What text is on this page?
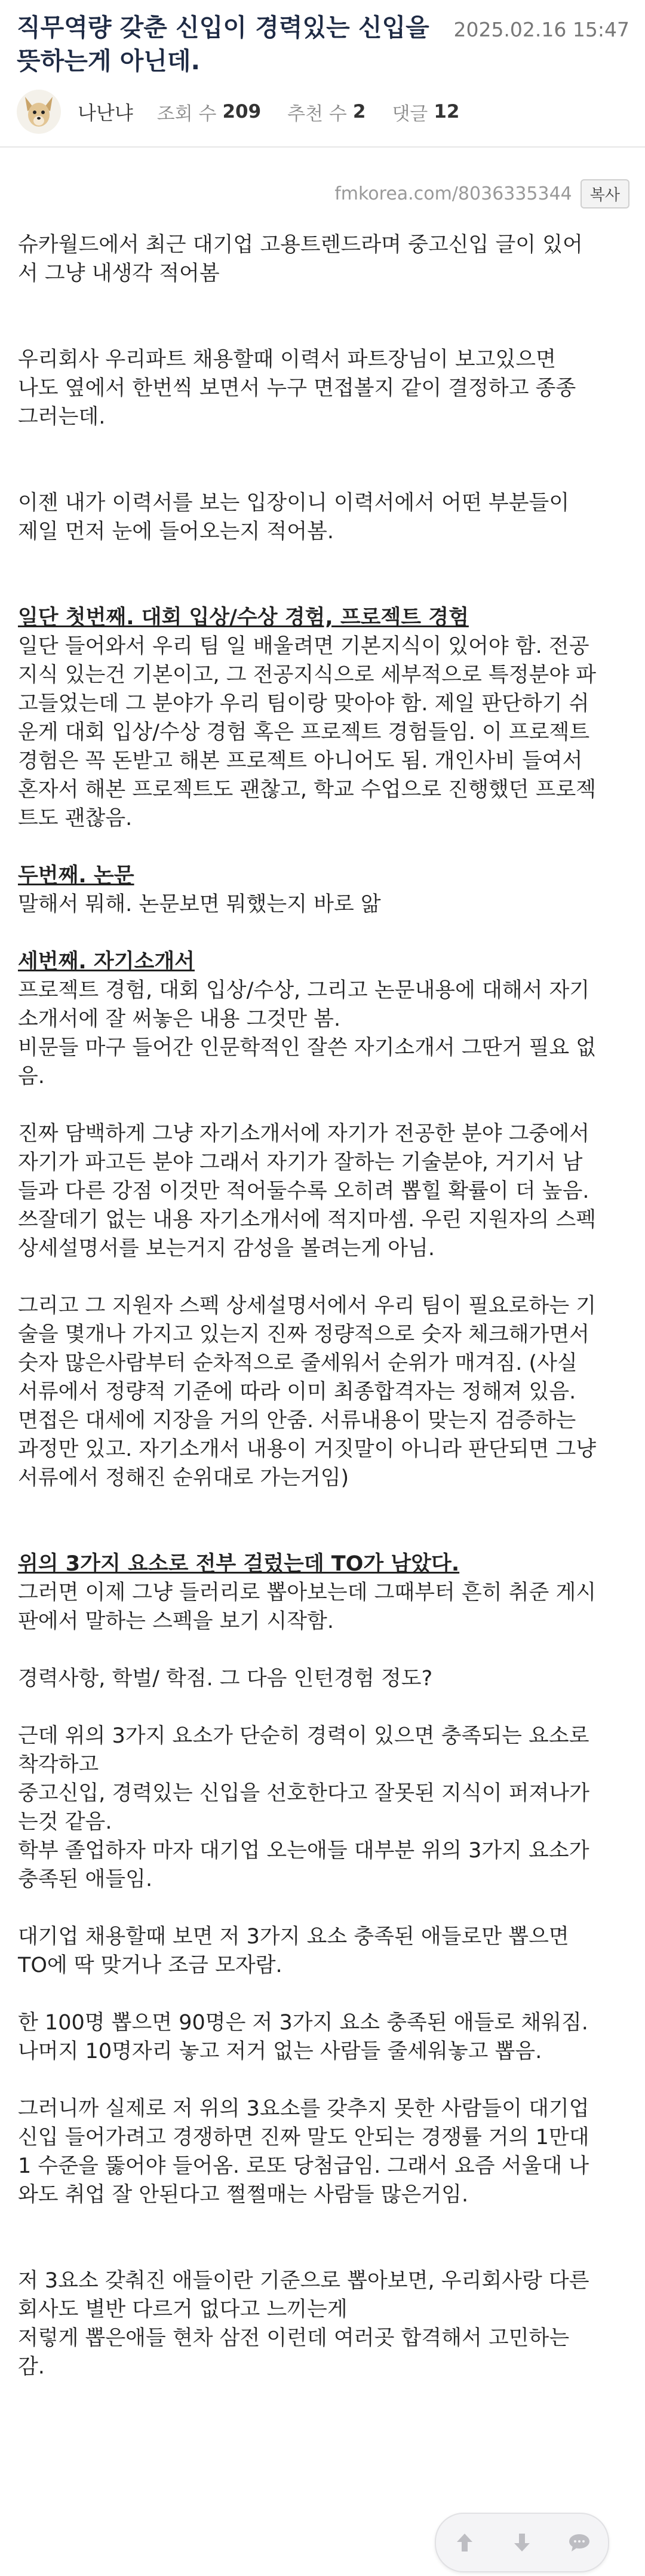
직무역량 갖춘 신입이 경력있는 신입을 뜻하는게 아닌데.
2025.02.16 15:47
나난냐 조회 수 209 추천 수 2 댓글 12
fmkorea.com/8036335344	복사

슈카월드에서 최근 대기업 고용트렌드라며 중고신입 글이 있어
서 그냥 내생각 적어봄

우리회사 우리파트 채용할때 이력서 파트장님이 보고있으면
나도 옆에서 한번씩 보면서 누구 면접볼지 같이 결정하고 종종
그러는데.

이젠 내가 이력서를 보는 입장이니 이력서에서 어떤 부분들이
제일 먼저 눈에 들어오는지 적어봄.

일단 첫번째. 대회 입상/수상 경험, 프로젝트 경험

일단 들어와서 우리 팀 일 배울려면 기본지식이 있어야 함. 전공
지식 있는건 기본이고, 그 전공지식으로 세부적으로 특정분야 파
고들었는데 그 분야가 우리 팀이랑 맞아야 함. 제일 판단하기 쉬
운게 대회 입상/수상 경험 혹은 프로젝트 경험들임. 이 프로젝트
경험은 꼭 돈받고 해본 프로젝트 아니어도 됨. 개인사비 들여서
혼자서 해본 프로젝트도 괜찮고, 학교 수업으로 진행했던 프로젝
트도 괜찮음.

두번째. 논문

말해서 뭐해. 논문보면 뭐했는지 바로 앎

세번째. 자기소개서

프로젝트 경험, 대회 입상/수상, 그리고 논문내용에 대해서 자기
소개서에 잘 써놓은 내용 그것만 봄.
비문들 마구 들어간 인문학적인 잘쓴 자기소개서 그딴거 필요 없
음.

진짜 담백하게 그냥 자기소개서에 자기가 전공한 분야 그중에서
자기가 파고든 분야 그래서 자기가 잘하는 기술분야, 거기서 남
들과 다른 강점 이것만 적어둘수록 오히려 뽑힐 확률이 더 높음.
쓰잘데기 없는 내용 자기소개서에 적지마셈. 우린 지원자의 스펙
상세설명서를 보는거지 감성을 볼려는게 아님.

그리고 그 지원자 스펙 상세설명서에서 우리 팀이 필요로하는 기
술을 몇개나 가지고 있는지 진짜 정량적으로 숫자 체크해가면서
숫자 많은사람부터 순차적으로 줄세워서 순위가 매겨짐. (사실
서류에서 정량적 기준에 따라 이미 최종합격자는 정해져 있음.
면접은 대세에 지장을 거의 안줌. 서류내용이 맞는지 검증하는
과정만 있고. 자기소개서 내용이 거짓말이 아니라 판단되면 그냥
서류에서 정해진 순위대로 가는거임)

위의 3가지 요소로 전부 걸렀는데 TO가 남았다.

그러면 이제 그냥 들러리로 뽑아보는데 그때부터 흔히 취준 게시
판에서 말하는 스펙을 보기 시작함.

경력사항, 학벌/ 학점. 그 다음 인턴경험 정도?

근데 위의 3가지 요소가 단순히 경력이 있으면 충족되는 요소로
착각하고
중고신입, 경력있는 신입을 선호한다고 잘못된 지식이 퍼져나가
는것 같음.
학부 졸업하자 마자 대기업 오는애들 대부분 위의 3가지 요소가
충족된 애들임.

대기업 채용할때 보면 저 3가지 요소 충족된 애들로만 뽑으면
TO에 딱 맞거나 조금 모자람.

한 100명 뽑으면 90명은 저 3가지 요소 충족된 애들로 채워짐.
나머지 10명자리 놓고 저거 없는 사람들 줄세워놓고 뽑음.

그러니까 실제로 저 위의 3요소를 갖추지 못한 사람들이 대기업
신입 들어가려고 경쟁하면 진짜 말도 안되는 경쟁률 거의 1만대
1 수준을 뚫어야 들어옴. 로또 당첨급임. 그래서 요즘 서울대 나
와도 취업 잘 안된다고 쩔쩔매는 사람들 많은거임.

저 3요소 갖춰진 애들이란 기준으로 뽑아보면, 우리회사랑 다른
회사도 별반 다르거 없다고 느끼는게
저렇게 뽑은애들 현차 삼전 이런데 여러곳 합격해서 고민하는
감.
